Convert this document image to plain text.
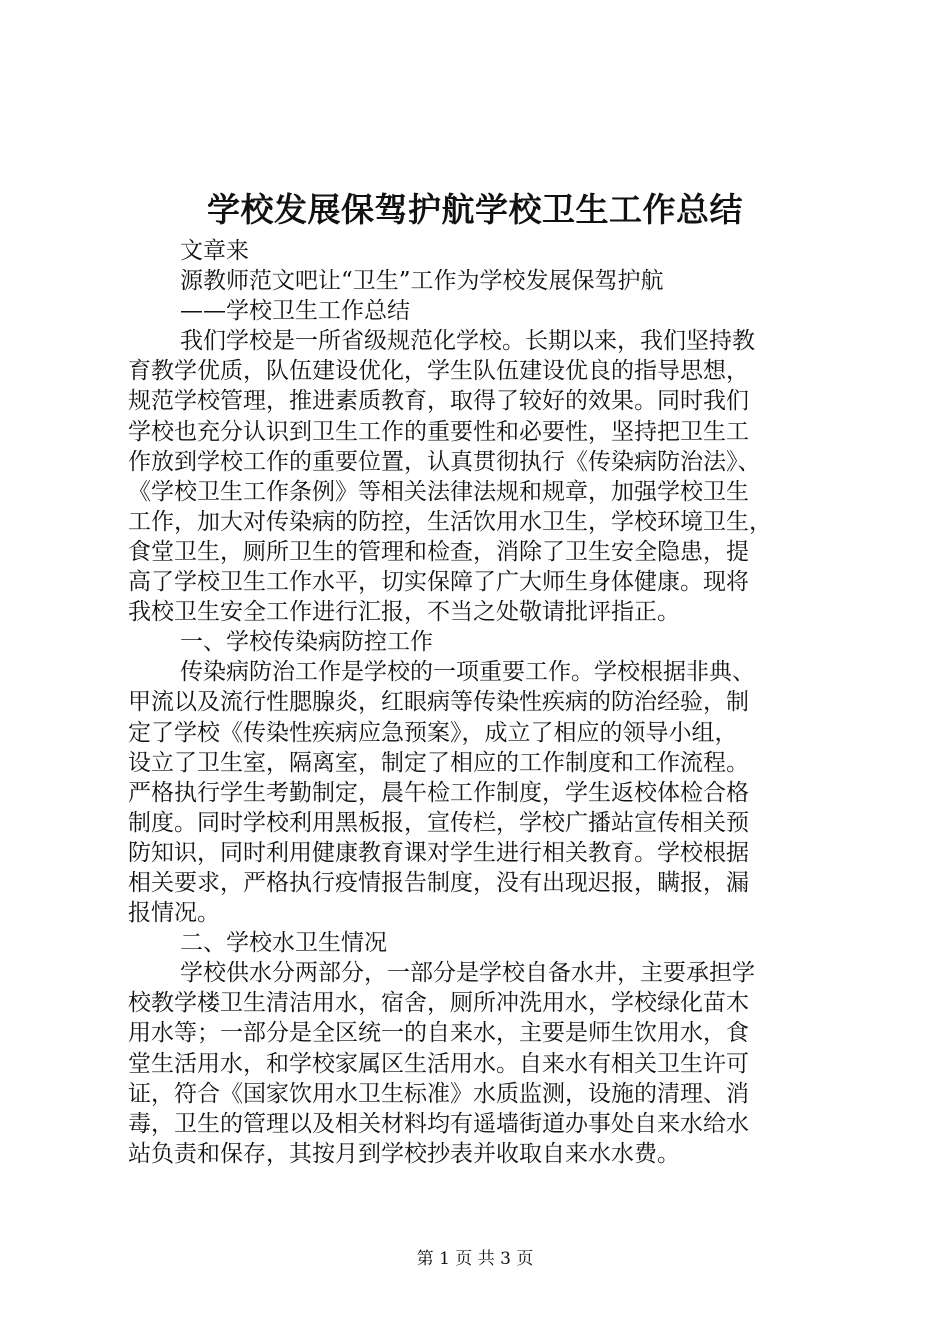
学校发展保驾护航学校卫生工作总结
文章来
源教师范文吧让“卫生”工作为学校发展保驾护航
——学校卫生工作总结
我们学校是一所省级规范化学校。长期以来，我们坚持教
育教学优质，队伍建设优化，学生队伍建设优良的指导思想，
规范学校管理，推进素质教育，取得了较好的效果。同时我们
学校也充分认识到卫生工作的重要性和必要性，坚持把卫生工
作放到学校工作的重要位置，认真贯彻执行《传染病防治法》、
《学校卫生工作条例》等相关法律法规和规章，加强学校卫生
工作，加大对传染病的防控，生活饮用水卫生，学校环境卫生，
食堂卫生，厕所卫生的管理和检查，消除了卫生安全隐患，提
高了学校卫生工作水平，切实保障了广大师生身体健康。现将
我校卫生安全工作进行汇报，不当之处敬请批评指正。
一、学校传染病防控工作
传染病防治工作是学校的一项重要工作。学校根据非典、
甲流以及流行性腮腺炎，红眼病等传染性疾病的防治经验，制
定了学校《传染性疾病应急预案》，成立了相应的领导小组，
设立了卫生室，隔离室，制定了相应的工作制度和工作流程。
严格执行学生考勤制定，晨午检工作制度，学生返校体检合格
制度。同时学校利用黑板报，宣传栏，学校广播站宣传相关预
防知识，同时利用健康教育课对学生进行相关教育。学校根据
相关要求，严格执行疫情报告制度，没有出现迟报，瞒报，漏
报情况。
二、学校水卫生情况
学校供水分两部分，一部分是学校自备水井，主要承担学
校教学楼卫生清洁用水，宿舍，厕所冲洗用水，学校绿化苗木
用水等；一部分是全区统一的自来水，主要是师生饮用水，食
堂生活用水，和学校家属区生活用水。自来水有相关卫生许可
证，符合《国家饮用水卫生标准》水质监测，设施的清理、消
毒，卫生的管理以及相关材料均有遥墙街道办事处自来水给水
站负责和保存，其按月到学校抄表并收取自来水水费。
第 1 页 共 3 页
